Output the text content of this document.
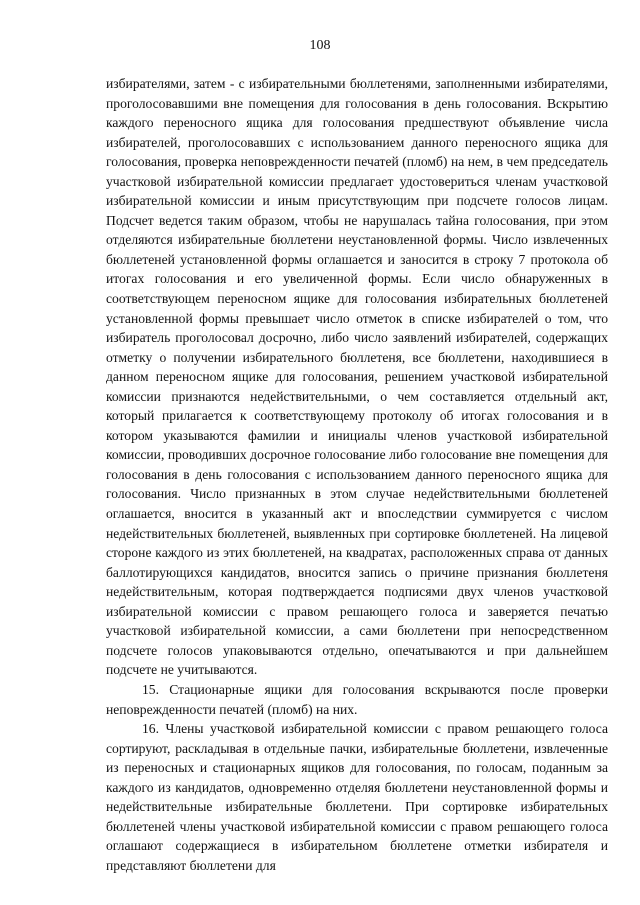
108

избирателями, затем - с избирательными бюллетенями, заполненными избирателями, проголосовавшими вне помещения для голосования в день голосования. Вскрытию каждого переносного ящика для голосования предшествуют объявление числа избирателей, проголосовавших с использованием данного переносного ящика для голосования, проверка неповрежденности печатей (пломб) на нем, в чем председатель участковой избирательной комиссии предлагает удостовериться членам участковой избирательной комиссии и иным присутствующим при подсчете голосов лицам. Подсчет ведется таким образом, чтобы не нарушалась тайна голосования, при этом отделяются избирательные бюллетени неустановленной формы. Число извлеченных бюллетеней установленной формы оглашается и заносится в строку 7 протокола об итогах голосования и его увеличенной формы. Если число обнаруженных в соответствующем переносном ящике для голосования избирательных бюллетеней установленной формы превышает число отметок в списке избирателей о том, что избиратель проголосовал досрочно, либо число заявлений избирателей, содержащих отметку о получении избирательного бюллетеня, все бюллетени, находившиеся в данном переносном ящике для голосования, решением участковой избирательной комиссии признаются недействительными, о чем составляется отдельный акт, который прилагается к соответствующему протоколу об итогах голосования и в котором указываются фамилии и инициалы членов участковой избирательной комиссии, проводивших досрочное голосование либо голосование вне помещения для голосования в день голосования с использованием данного переносного ящика для голосования. Число признанных в этом случае недействительными бюллетеней оглашается, вносится в указанный акт и впоследствии суммируется с числом недействительных бюллетеней, выявленных при сортировке бюллетеней. На лицевой стороне каждого из этих бюллетеней, на квадратах, расположенных справа от данных баллотирующихся кандидатов, вносится запись о причине признания бюллетеня недействительным, которая подтверждается подписями двух членов участковой избирательной комиссии с правом решающего голоса и заверяется печатью участковой избирательной комиссии, а сами бюллетени при непосредственном подсчете голосов упаковываются отдельно, опечатываются и при дальнейшем подсчете не учитываются.

15. Стационарные ящики для голосования вскрываются после проверки неповрежденности печатей (пломб) на них.

16. Члены участковой избирательной комиссии с правом решающего голоса сортируют, раскладывая в отдельные пачки, избирательные бюллетени, извлеченные из переносных и стационарных ящиков для голосования, по голосам, поданным за каждого из кандидатов, одновременно отделяя бюллетени неустановленной формы и недействительные избирательные бюллетени. При сортировке избирательных бюллетеней члены участковой избирательной комиссии с правом решающего голоса оглашают содержащиеся в избирательном бюллетене отметки избирателя и представляют бюллетени для
